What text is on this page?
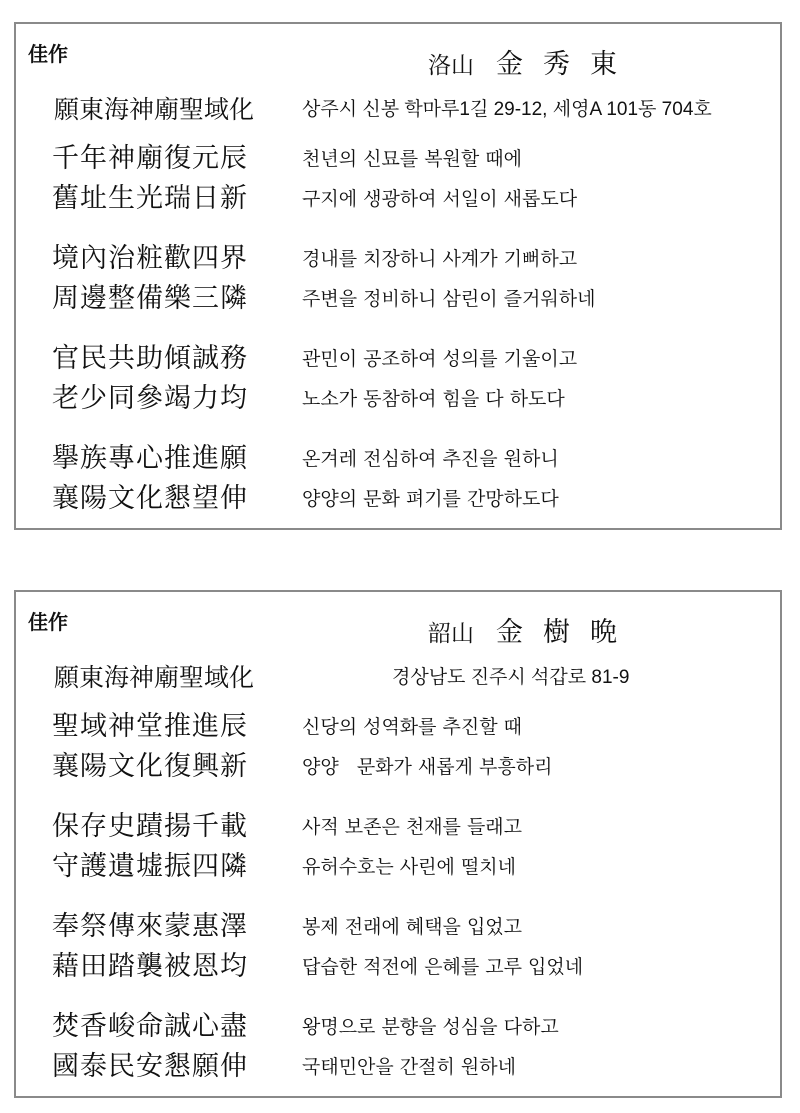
佳作	洛山 金秀東
願東海神廟聖域化	상주시 신봉 학마루1길 29-12, 세영A 101동 704호
千年神廟復元辰	천년의 신묘를 복원할 때에
舊址生光瑞日新	구지에 생광하여 서일이 새롭도다
境內治粧歡四界	경내를 치장하니 사계가 기뻐하고
周邊整備樂三隣	주변을 정비하니 삼린이 즐거워하네
官民共助傾誠務	관민이 공조하여 성의를 기울이고
老少同參竭力均	노소가 동참하여 힘을 다 하도다
擧族專心推進願	온겨레 전심하여 추진을 원하니
襄陽文化懇望伸	양양의 문화 펴기를 간망하도다
佳作	韶山 金樹晩
願東海神廟聖域化	경상남도 진주시 석갑로 81-9
聖域神堂推進辰	신당의 성역화를 추진할 때
襄陽文化復興新	양양   문화가 새롭게 부흥하리
保存史蹟揚千載	사적 보존은 천재를 들래고
守護遺墟振四隣	유허수호는 사린에 떨치네
奉祭傳來蒙惠澤	봉제 전래에 혜택을 입었고
藉田踏襲被恩均	답습한 적전에 은혜를 고루 입었네
焚香峻命誠心盡	왕명으로 분향을 성심을 다하고
國泰民安懇願伸	국태민안을 간절히 원하네
